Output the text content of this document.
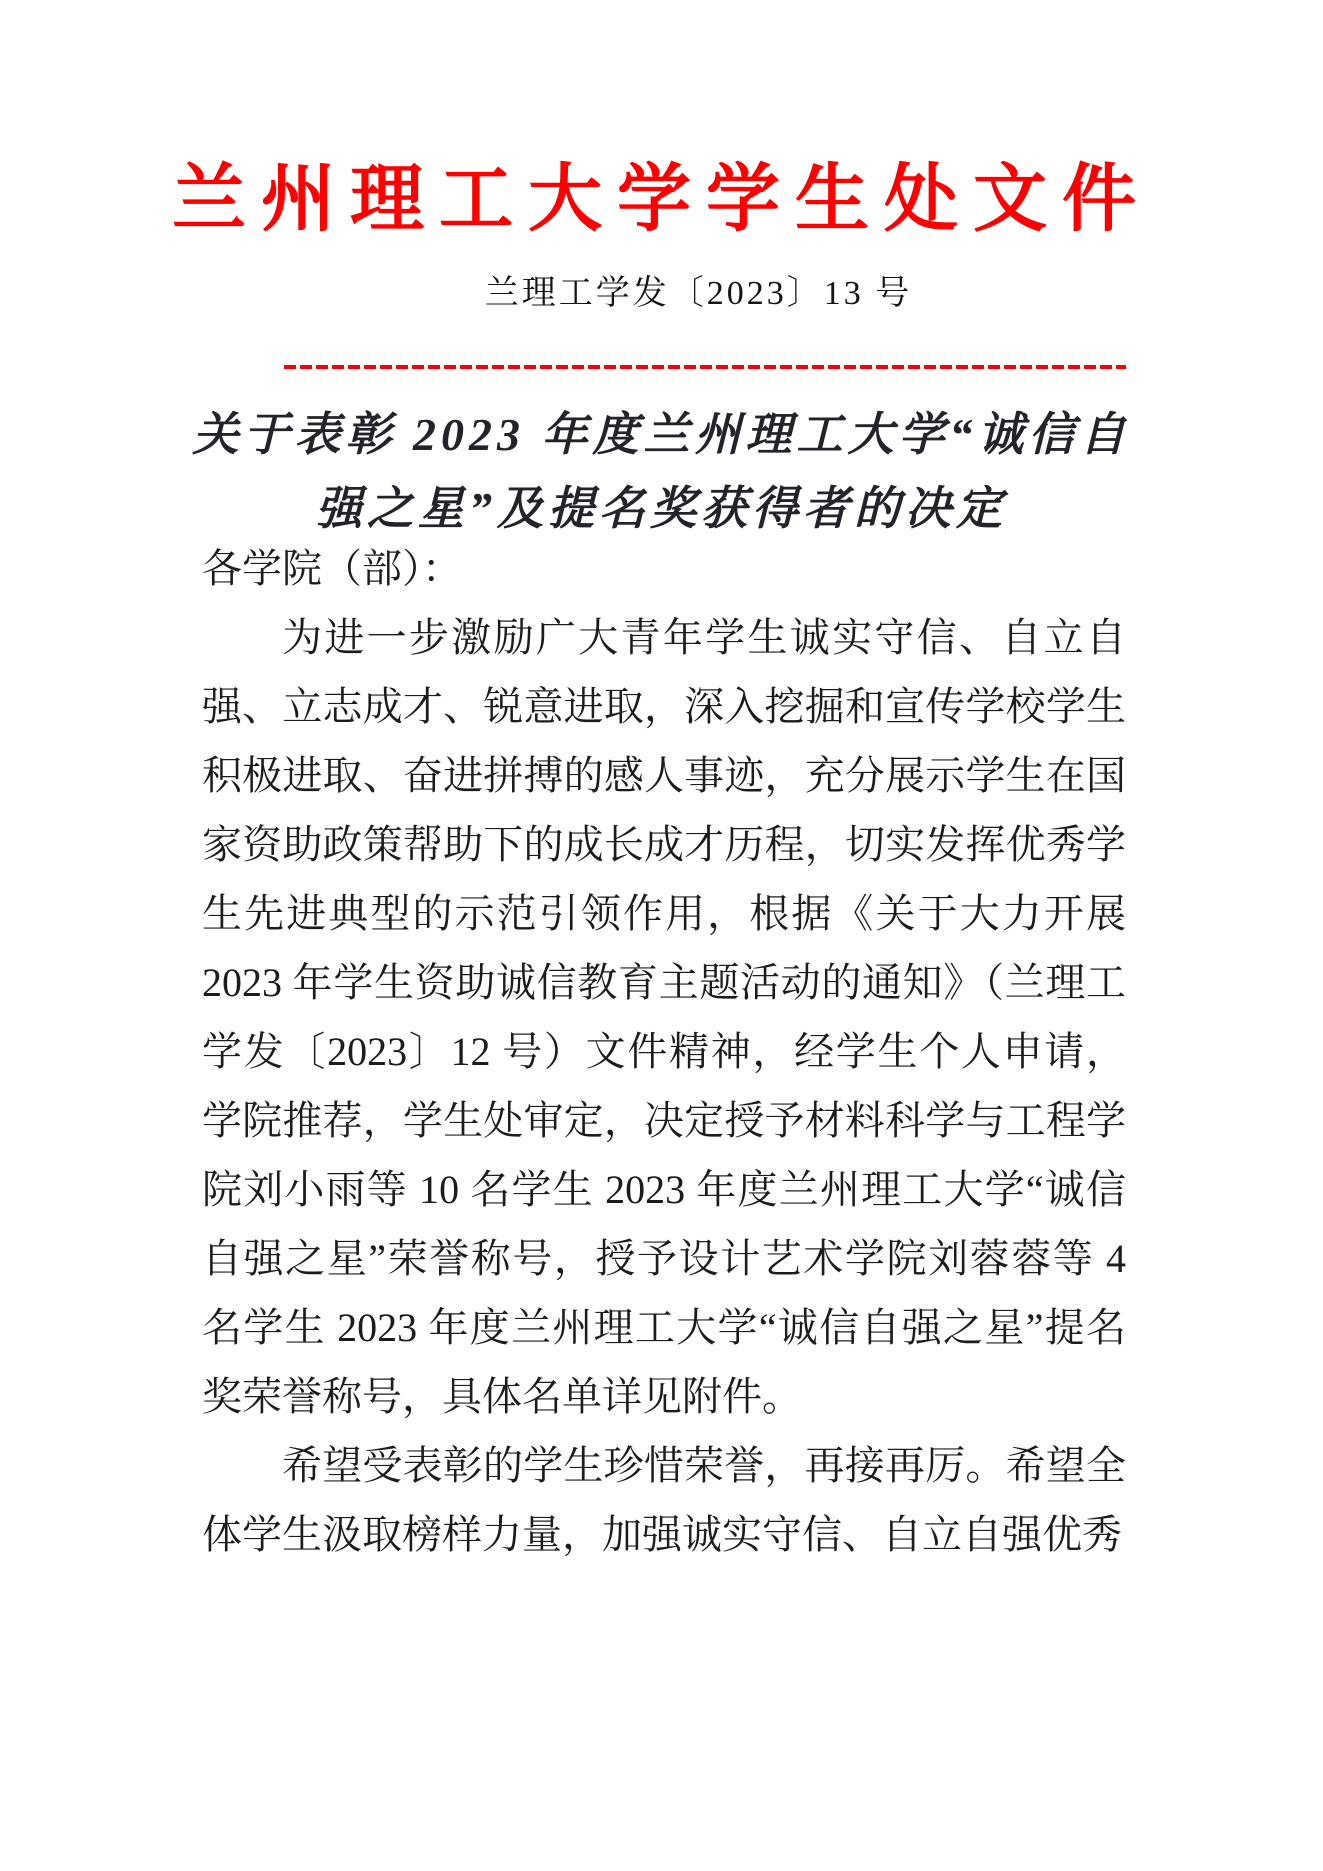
兰州理工大学学生处文件
兰理工学发〔2023〕13 号
关于表彰 2023 年度兰州理工大学“诚信自
强之星”及提名奖获得者的决定
各学院（部）：

为进一步激励广大青年学生诚实守信、自立自强、立志成才、锐意进取，深入挖掘和宣传学校学生积极进取、奋进拼搏的感人事迹，充分展示学生在国家资助政策帮助下的成长成才历程，切实发挥优秀学生先进典型的示范引领作用，根据《关于大力开展 2023 年学生资助诚信教育主题活动的通知》（兰理工学发〔2023〕12 号）文件精神，经学生个人申请，学院推荐，学生处审定，决定授予材料科学与工程学院刘小雨等 10 名学生 2023 年度兰州理工大学“诚信自强之星”荣誉称号，授予设计艺术学院刘蓉蓉等 4 名学生 2023 年度兰州理工大学“诚信自强之星”提名奖荣誉称号，具体名单详见附件。

希望受表彰的学生珍惜荣誉，再接再厉。希望全体学生汲取榜样力量，加强诚实守信、自立自强优秀
